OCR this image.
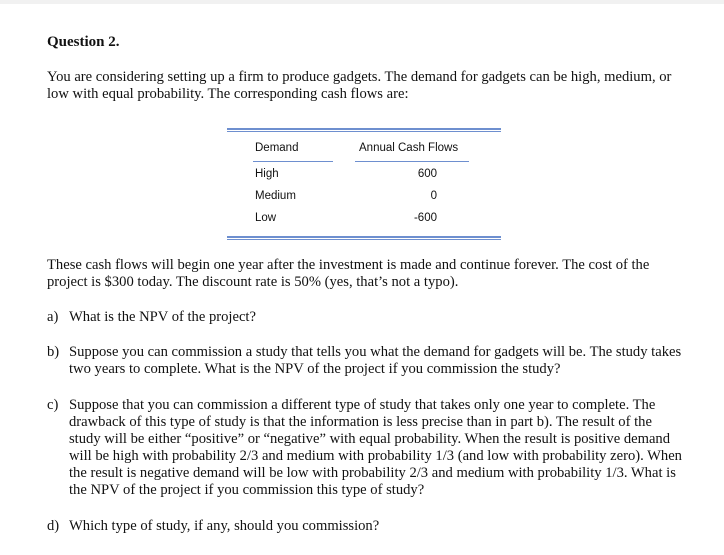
Question 2.
You are considering setting up a firm to produce gadgets. The demand for gadgets can be high, medium, or low with equal probability. The corresponding cash flows are:
Demand	Annual Cash Flows
High	600
Medium	0
Low	-600
These cash flows will begin one year after the investment is made and continue forever. The cost of the project is $300 today. The discount rate is 50% (yes, that’s not a typo).
a) What is the NPV of the project?
b) Suppose you can commission a study that tells you what the demand for gadgets will be. The study takes two years to complete. What is the NPV of the project if you commission the study?
c) Suppose that you can commission a different type of study that takes only one year to complete. The drawback of this type of study is that the information is less precise than in part b). The result of the study will be either “positive” or “negative” with equal probability. When the result is positive demand will be high with probability 2/3 and medium with probability 1/3 (and low with probability zero). When the result is negative demand will be low with probability 2/3 and medium with probability 1/3. What is the NPV of the project if you commission this type of study?
d) Which type of study, if any, should you commission?
